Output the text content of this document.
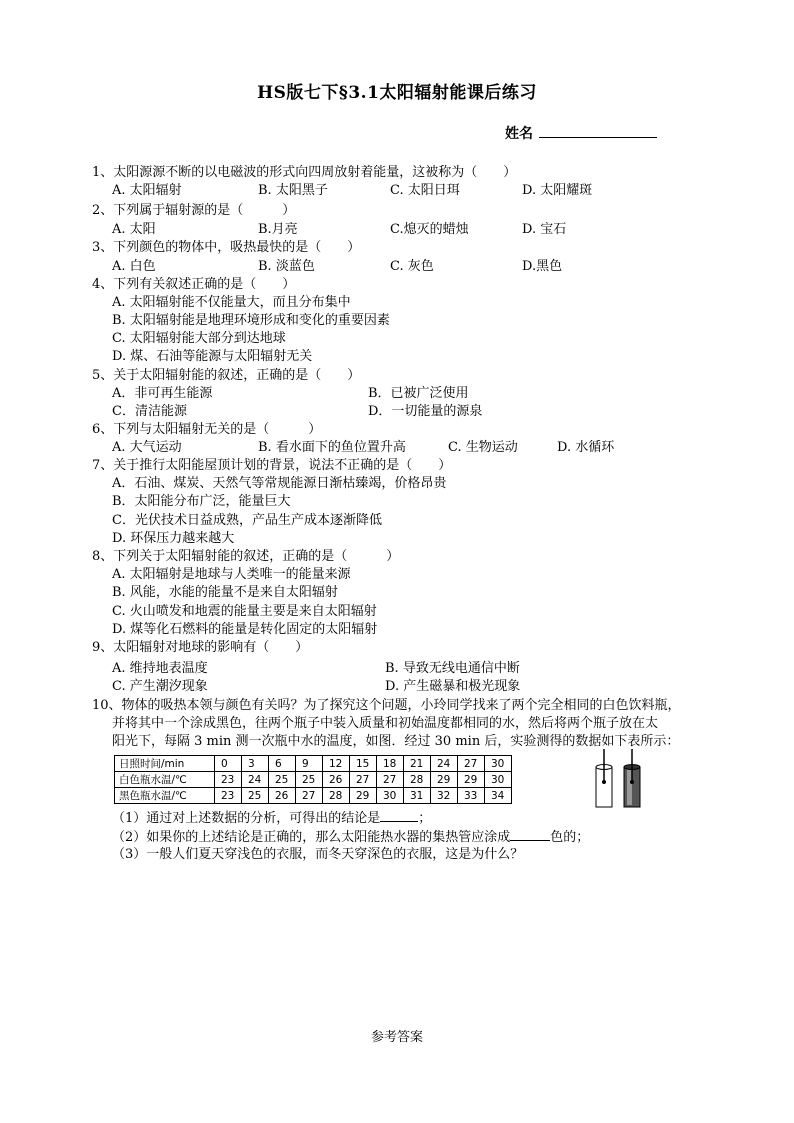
HS版七下§3.1太阳辐射能课后练习
姓名
1、太阳源源不断的以电磁波的形式向四周放射着能量，这被称为（　　）
A. 太阳辐射	B. 太阳黑子	C. 太阳日珥	D. 太阳耀斑
2、下列属于辐射源的是（　　　）
A. 太阳	B.月亮	C.熄灭的蜡烛	D. 宝石
3、下列颜色的物体中，吸热最快的是（　　）
A. 白色	B. 淡蓝色	C. 灰色	D.黑色
4、下列有关叙述正确的是（　　）
A. 太阳辐射能不仅能量大，而且分布集中
B. 太阳辐射能是地理环境形成和变化的重要因素
C. 太阳辐射能大部分到达地球
D. 煤、石油等能源与太阳辐射无关
5、关于太阳辐射能的叙述，正确的是（　　）
A．非可再生能源	B．已被广泛使用
C．清洁能源	D．一切能量的源泉
6、下列与太阳辐射无关的是（　　　）
A. 大气运动	B. 看水面下的鱼位置升高	C. 生物运动	D. 水循环
7、关于推行太阳能屋顶计划的背景，说法不正确的是（　　）
A．石油、煤炭、天然气等常规能源日渐枯臻竭，价格昂贵
B．太阳能分布广泛，能量巨大
C．光伏技术日益成熟，产品生产成本逐渐降低
D. 环保压力越来越大
8、下列关于太阳辐射能的叙述，正确的是（　　　）
A. 太阳辐射是地球与人类唯一的能量来源
B. 风能，水能的能量不是来自太阳辐射
C. 火山喷发和地震的能量主要是来自太阳辐射
D. 煤等化石燃料的能量是转化固定的太阳辐射
9、太阳辐射对地球的影响有（　　）
A. 维持地表温度	B. 导致无线电通信中断
C. 产生潮汐现象	D. 产生磁暴和极光现象
10、物体的吸热本领与颜色有关吗？为了探究这个问题，小玲同学找来了两个完全相同的白色饮料瓶，
并将其中一个涂成黑色，往两个瓶子中装入质量和初始温度都相同的水，然后将两个瓶子放在太
阳光下，每隔 3 min 测一次瓶中水的温度，如图．经过 30 min 后，实验测得的数据如下表所示：
日照时间/min	0	3	6	9	12	15	18	21	24	27	30
白色瓶水温/℃	23	24	25	25	26	27	27	28	29	29	30
黑色瓶水温/℃	23	25	26	27	28	29	30	31	32	33	34
（1）通过对上述数据的分析，可得出的结论是	；
（2）如果你的上述结论是正确的，那么太阳能热水器的集热管应涂成	色的；
（3）一般人们夏天穿浅色的衣服，而冬天穿深色的衣服，这是为什么？
参考答案
